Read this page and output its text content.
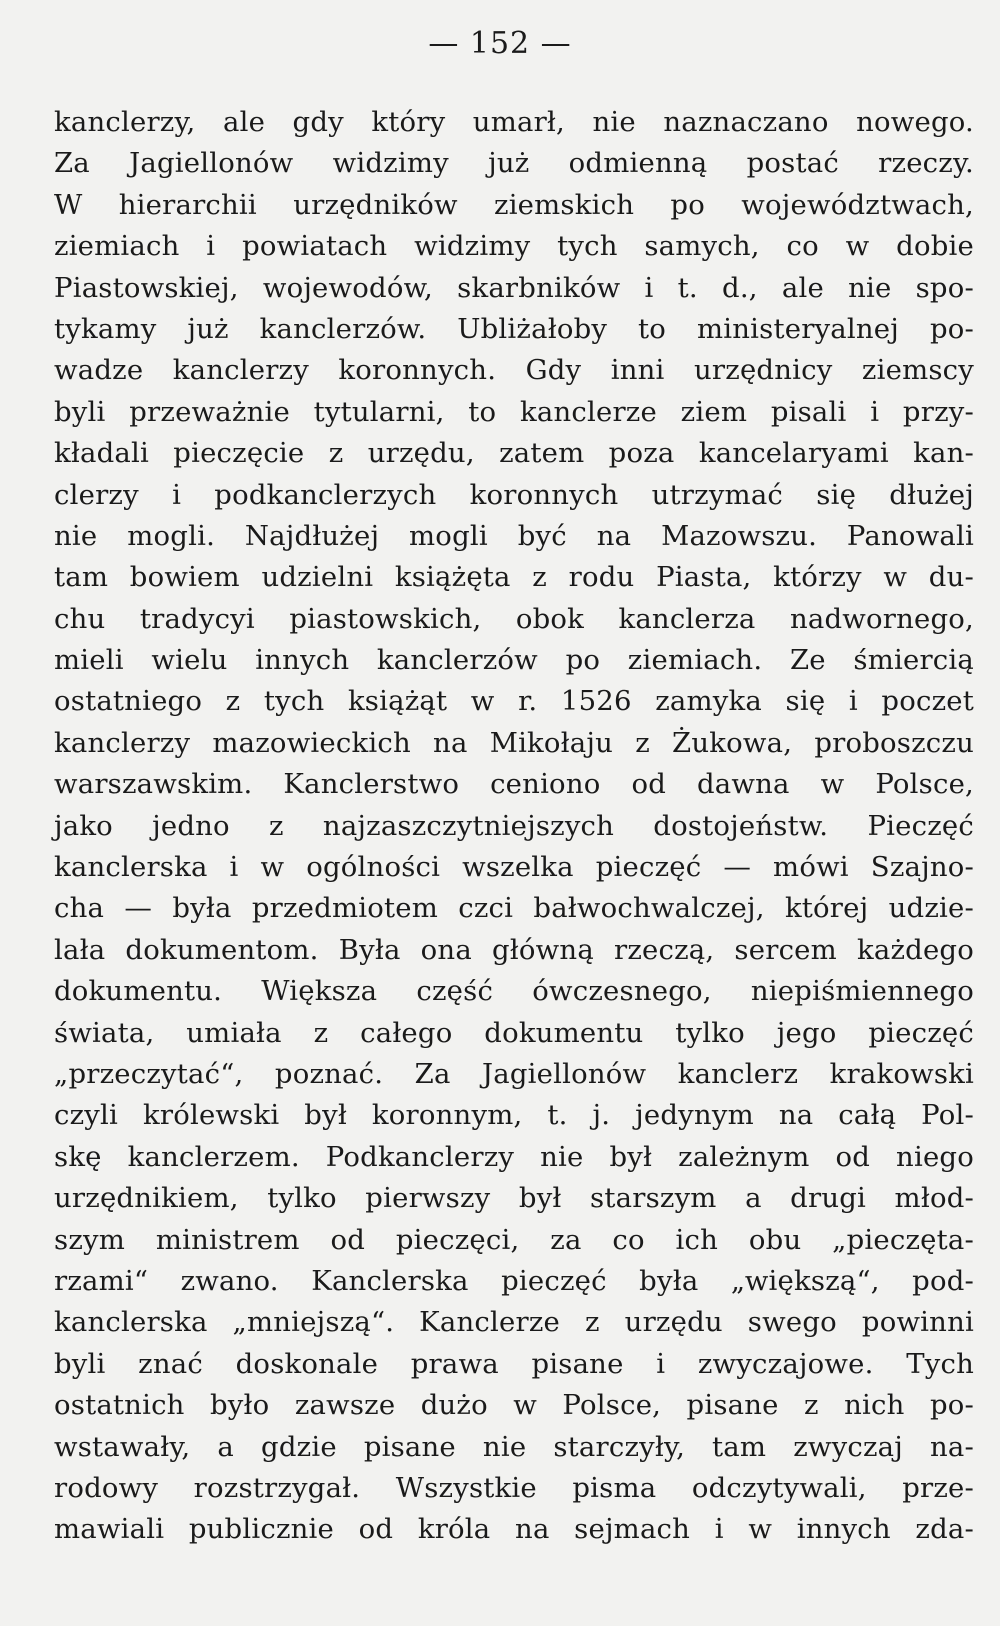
— 152 —
kanclerzy, ale gdy który umarł, nie naznaczano nowego.
Za Jagiellonów widzimy już odmienną postać rzeczy.
W hierarchii urzędników ziemskich po województwach,
ziemiach i powiatach widzimy tych samych, co w dobie
Piastowskiej, wojewodów, skarbników i t. d., ale nie spo-
tykamy już kanclerzów. Ubliżałoby to ministeryalnej po-
wadze kanclerzy koronnych. Gdy inni urzędnicy ziemscy
byli przeważnie tytularni, to kanclerze ziem pisali i przy-
kładali pieczęcie z urzędu, zatem poza kancelaryami kan-
clerzy i podkanclerzych koronnych utrzymać się dłużej
nie mogli. Najdłużej mogli być na Mazowszu. Panowali
tam bowiem udzielni książęta z rodu Piasta, którzy w du-
chu tradycyi piastowskich, obok kanclerza nadwornego,
mieli wielu innych kanclerzów po ziemiach. Ze śmiercią
ostatniego z tych książąt w r. 1526 zamyka się i poczet
kanclerzy mazowieckich na Mikołaju z Żukowa, proboszczu
warszawskim. Kanclerstwo ceniono od dawna w Polsce,
jako jedno z najzaszczytniejszych dostojeństw. Pieczęć
kanclerska i w ogólności wszelka pieczęć — mówi Szajno-
cha — była przedmiotem czci bałwochwalczej, której udzie-
lała dokumentom. Była ona główną rzeczą, sercem każdego
dokumentu. Większa część ówczesnego, niepiśmiennego
świata, umiała z całego dokumentu tylko jego pieczęć
„przeczytać“, poznać. Za Jagiellonów kanclerz krakowski
czyli królewski był koronnym, t. j. jedynym na całą Pol-
skę kanclerzem. Podkanclerzy nie był zależnym od niego
urzędnikiem, tylko pierwszy był starszym a drugi młod-
szym ministrem od pieczęci, za co ich obu „pieczęta-
rzami“ zwano. Kanclerska pieczęć była „większą“, pod-
kanclerska „mniejszą“. Kanclerze z urzędu swego powinni
byli znać doskonale prawa pisane i zwyczajowe. Tych
ostatnich było zawsze dużo w Polsce, pisane z nich po-
wstawały, a gdzie pisane nie starczyły, tam zwyczaj na-
rodowy rozstrzygał. Wszystkie pisma odczytywali, prze-
mawiali publicznie od króla na sejmach i w innych zda-
